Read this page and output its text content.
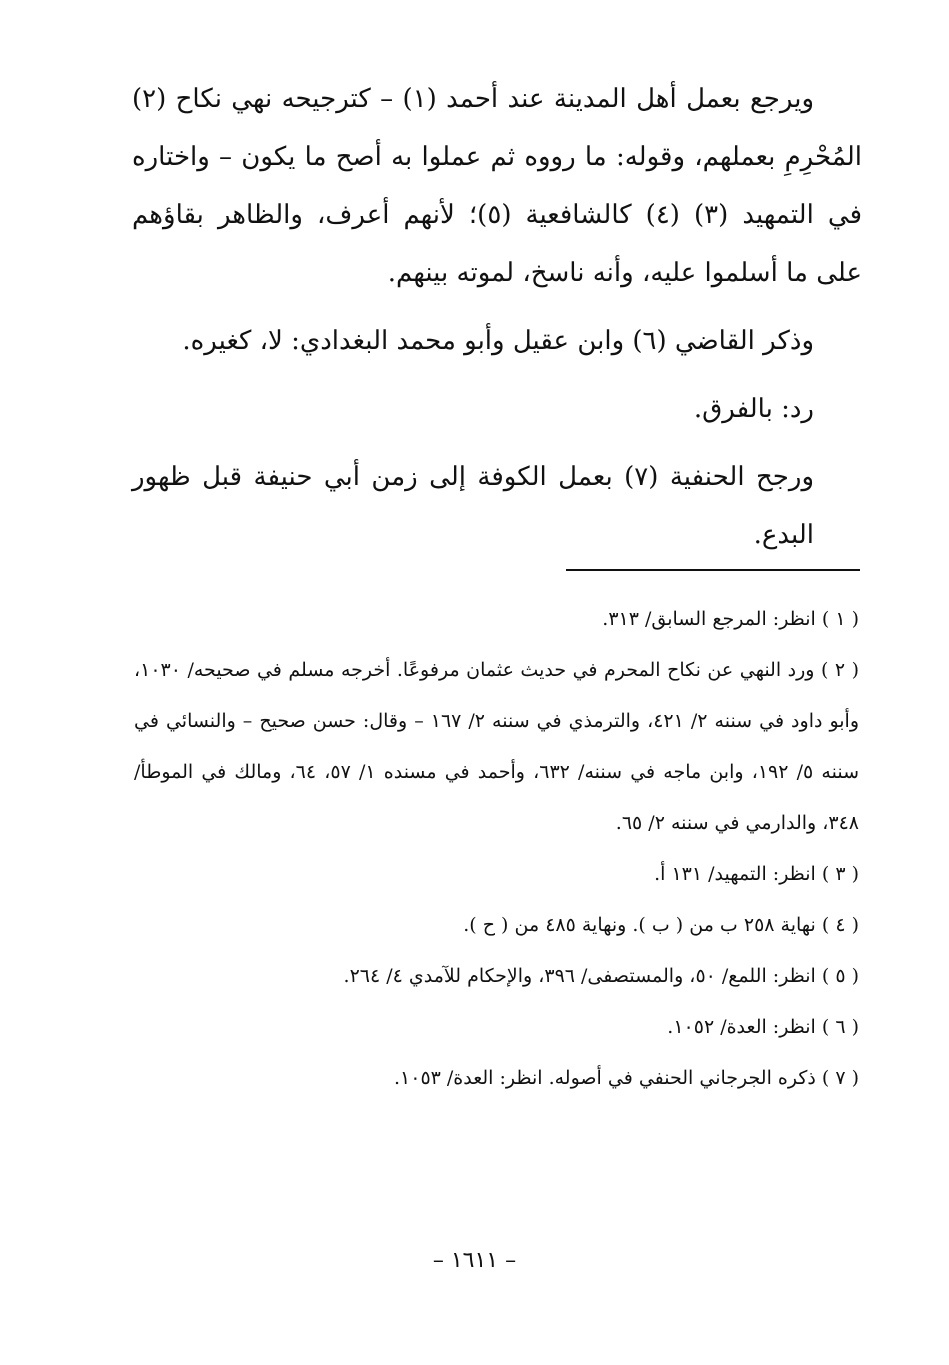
ويرجع بعمل أهل المدينة عند أحمد (١) – كترجيحه نهي نكاح (٢) المُحْرِمِ بعملهم، وقوله: ما رووه ثم عملوا به أصح ما يكون – واختاره في التمهيد (٣) (٤) كالشافعية (٥)؛ لأنهم أعرف، والظاهر بقاؤهم على ما أسلموا عليه، وأنه ناسخ، لموته بينهم.

وذكر القاضي (٦) وابن عقيل وأبو محمد البغدادي: لا، كغيره.

رد: بالفرق.

ورجح الحنفية (٧) بعمل الكوفة إلى زمن أبي حنيفة قبل ظهور البدع.

( ١ ) انظر: المرجع السابق/ ٣١٣.

( ٢ ) ورد النهي عن نكاح المحرم في حديث عثمان مرفوعًا. أخرجه مسلم في صحيحه/ ١٠٣٠، وأبو داود في سننه ٢/ ٤٢١، والترمذي في سننه ٢/ ١٦٧ – وقال: حسن صحيح – والنسائي في سننه ٥/ ١٩٢، وابن ماجه في سننه/ ٦٣٢، وأحمد في مسنده ١/ ٥٧، ٦٤، ومالك في الموطأ/ ٣٤٨، والدارمي في سننه ٢/ ٦٥.

( ٣ ) انظر: التمهيد/ ١٣١ أ.

( ٤ ) نهاية ٢٥٨ ب من ( ب ). ونهاية ٤٨٥ من ( ح ).

( ٥ ) انظر: اللمع/ ٥٠، والمستصفى/ ٣٩٦، والإحكام للآمدي ٤/ ٢٦٤.

( ٦ ) انظر: العدة/ ١٠٥٢.

( ٧ ) ذكره الجرجاني الحنفي في أصوله. انظر: العدة/ ١٠٥٣.

– ١٦١١ –
